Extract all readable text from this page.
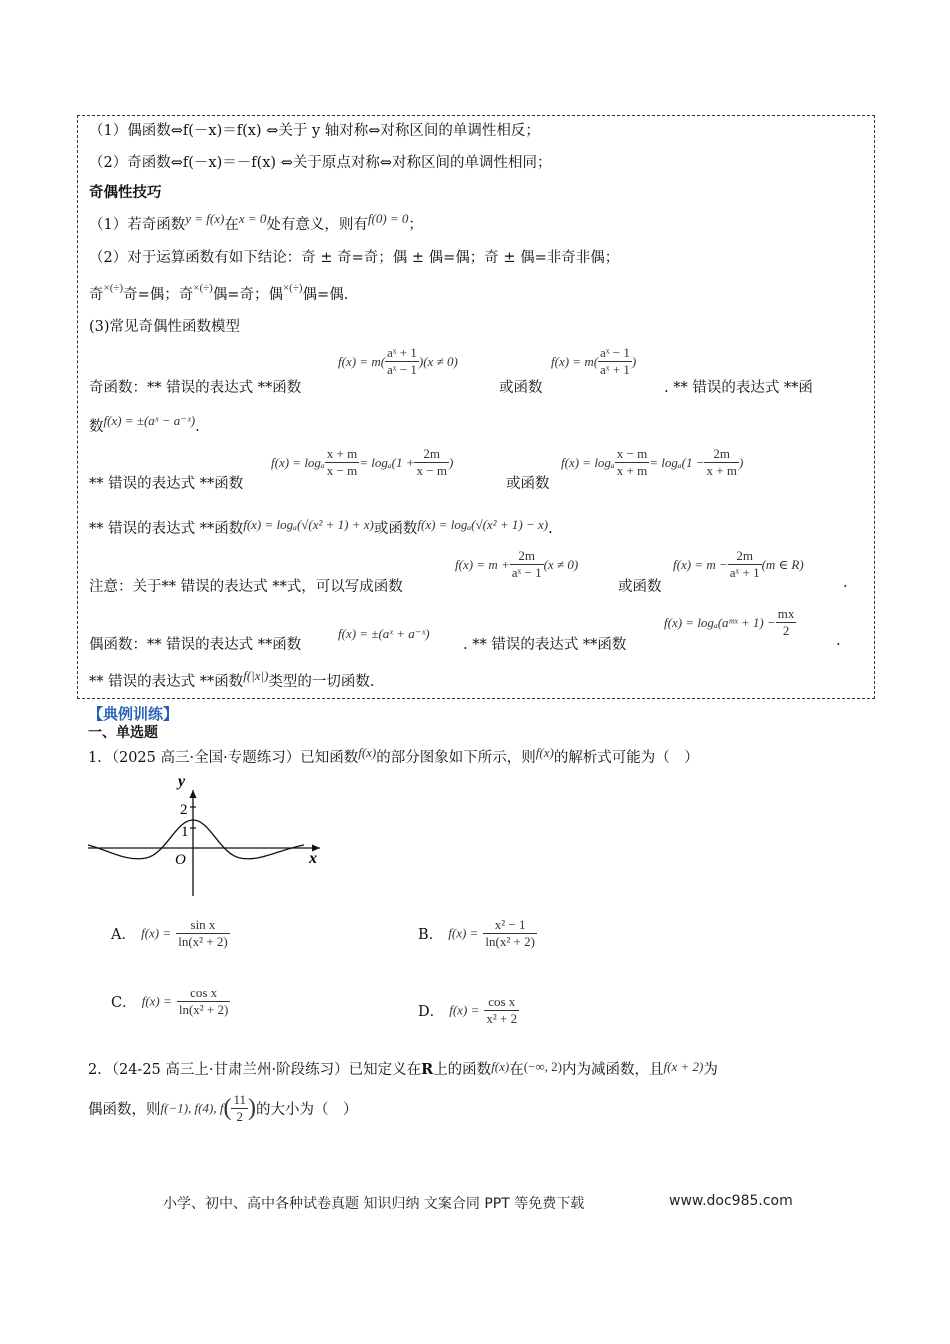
（1）偶函数⇔f(－x)＝f(x) ⇔关于 y 轴对称⇔对称区间的单调性相反；
（2）奇函数⇔f(－x)＝－f(x) ⇔关于原点对称⇔对称区间的单调性相同；
奇偶性技巧
（1）若奇函数y = f(x)在x = 0处有意义，则有f(0) = 0；
（2）对于运算函数有如下结论：奇 ± 奇=奇；偶 ± 偶=偶；奇 ± 偶=非奇非偶；
奇×(÷)奇=偶；奇×(÷)偶=奇；偶×(÷)偶=偶.
(3)常见奇偶性函数模型
奇函数：** 错误的表达式 **函数
$f(x) = m( \frac{\text{aˣ + 1}}{\text{aˣ − 1}} )(x \ne 0)$
或函数
$f(x) = m( \frac{\text{aˣ − 1}}{\text{aˣ + 1}}$ )
. ** 错误的表达式 **函
数f(x) = ±(aˣ − a⁻ˣ).
** 错误的表达式 **函数
f(x) = logₐ $\frac{x + m}{x - m} = \log_a(1 + \frac{2m}{x - m}$ )
或函数
f(x) = logₐ $\frac{x - m}{x + m} = \log_a(1 - \frac{2m}{x + m}$ )
** 错误的表达式 **函数f(x) = logₐ(√(x² + 1) + x)或函数f(x) = logₐ(√(x² + 1) − x).
注意：关于** 错误的表达式 **式，可以写成函数
$f(x) = m + \frac{2m}{\text{aˣ − 1}} (x \ne 0)$
或函数
$f(x) = m - \frac{2m}{\text{aˣ + 1}} (m$ ∈ R)
.
偶函数：** 错误的表达式 **函数
f(x) = ±(aˣ + a⁻ˣ)
. ** 错误的表达式 **函数
f(x) = logₐ(aᵐˣ + $1) - \frac{mx}{2}$
.
** 错误的表达式 **函数f(|x|)类型的一切函数.
【典例训练】
一、单选题
1．（2025 高三·全国·专题练习）已知函数f(x)的部分图象如下所示，则f(x)的解析式可能为（　）
y
x
O
2
1
A． $f(x) = \frac{\text{sin x}}{\text{ln(x² + 2)}}$	B． $f(x) = \frac{\text{x² − 1}}{\text{ln(x² + 2)}}$
C． $f(x) = \frac{\text{cos x}}{\text{ln(x² + 2)}}$	D． $f(x) = \frac{\text{cos x}}{\text{x² + 2}}$
2．（24-25 高三上·甘肃兰州·阶段练习）已知定义在R上的函数f(x)在(−∞, 2)内为减函数，且f(x + 2)为
偶函数，则f(−1), f(4), $f( \frac{11}{2}$ )的大小为（　）
小学、初中、高中各种试卷真题 知识归纳 文案合同 PPT 等免费下载	www.doc985.com
